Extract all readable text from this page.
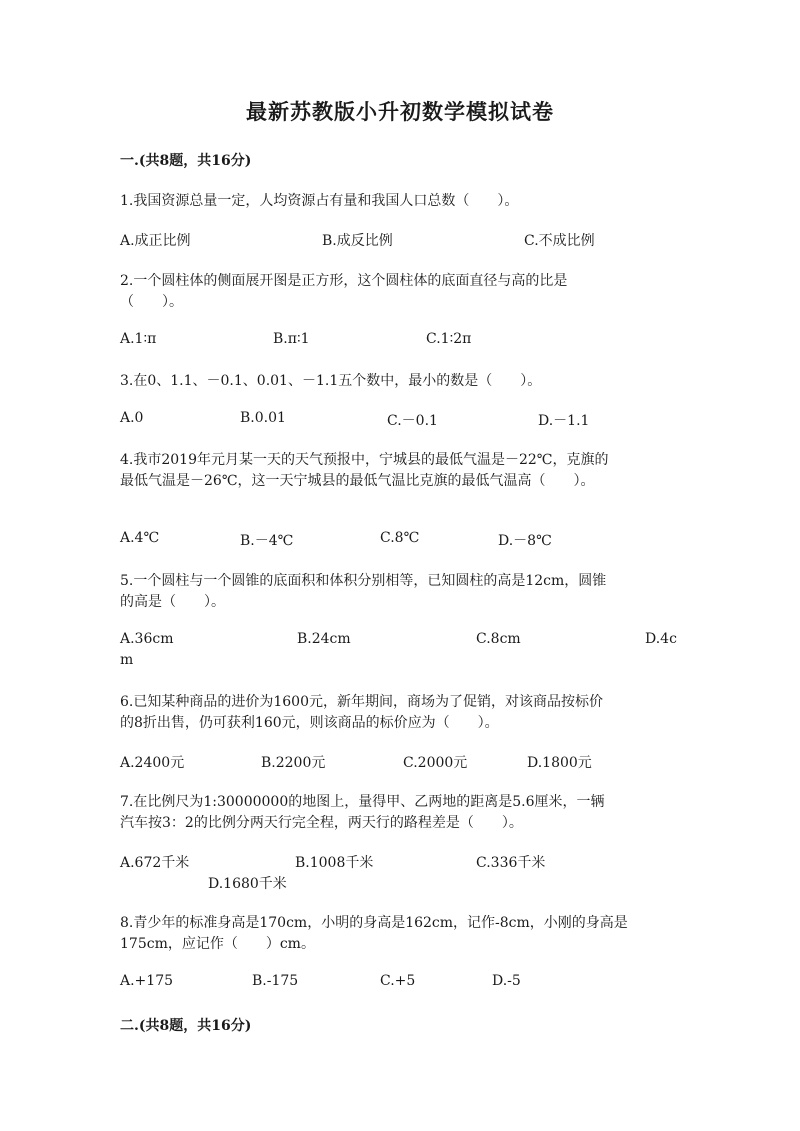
最新苏教版小升初数学模拟试卷
一.(共8题，共16分)
1.我国资源总量一定，人均资源占有量和我国人口总数（　　）。
A.成正比例	B.成反比例	C.不成比例
2.一个圆柱体的侧面展开图是正方形，这个圆柱体的底面直径与高的比是
（　　）。
A.1∶π	B.π∶1	C.1∶2π
3.在0、1.1、－0.1、0.01、－1.1五个数中，最小的数是（　　）。
A.0	B.0.01	C.－0.1	D.－1.1
4.我市2019年元月某一天的天气预报中，宁城县的最低气温是－22℃，克旗的
最低气温是－26℃，这一天宁城县的最低气温比克旗的最低气温高（　　）。
A.4℃	B.－4℃	C.8℃	D.－8℃
5.一个圆柱与一个圆锥的底面积和体积分别相等，已知圆柱的高是12cm，圆锥
的高是（　　）。
A.36cm	B.24cm	C.8cm	D.4c
m
6.已知某种商品的进价为1600元，新年期间，商场为了促销，对该商品按标价
的8折出售，仍可获利160元，则该商品的标价应为（　　）。
A.2400元	B.2200元	C.2000元	D.1800元
7.在比例尺为1:30000000的地图上，量得甲、乙两地的距离是5.6厘米，一辆
汽车按3：2的比例分两天行完全程，两天行的路程差是（　　）。
A.672千米	B.1008千米	C.336千米
D.1680千米
8.青少年的标准身高是170cm，小明的身高是162cm，记作-8cm，小刚的身高是
175cm，应记作（　　）cm。
A.+175	B.-175	C.+5	D.-5
二.(共8题，共16分)
